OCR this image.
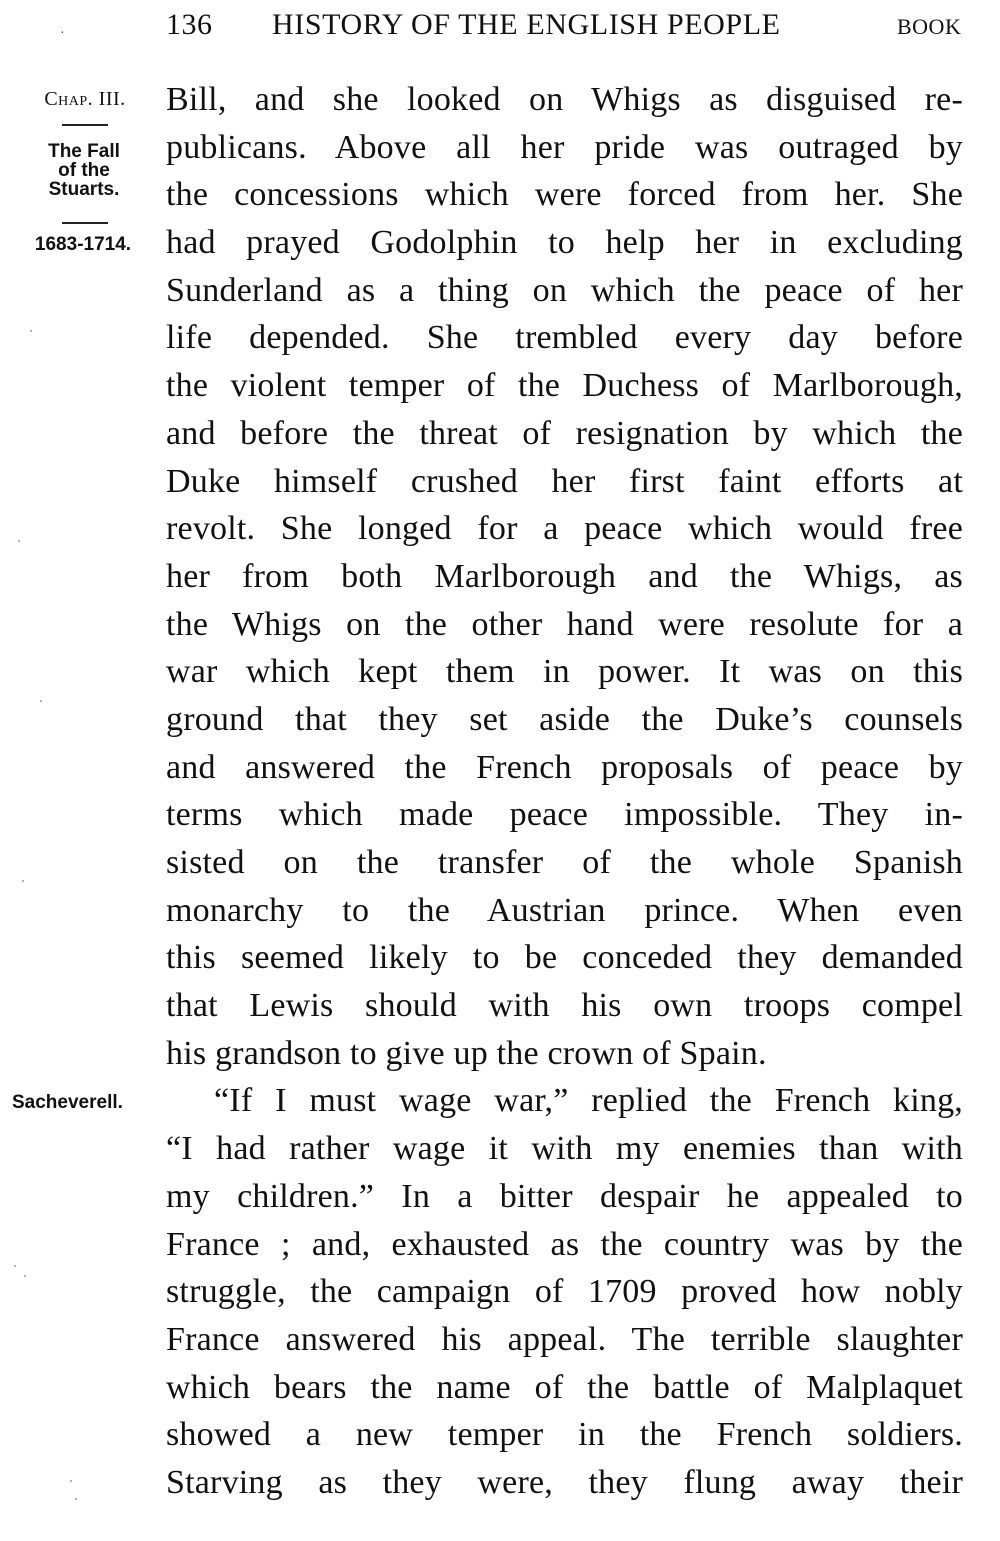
·	136 HISTORY OF THE ENGLISH PEOPLE	BOOK
Chap. III.
The Fall
of the
Stuarts.
1683-1714.
Sacheverell.
Bill, and she looked on Whigs as disguised re-
publicans. Above all her pride was outraged by
the concessions which were forced from her. She
had prayed Godolphin to help her in excluding
Sunderland as a thing on which the peace of her
life depended. She trembled every day before
the violent temper of the Duchess of Marlborough,
and before the threat of resignation by which the
Duke himself crushed her first faint efforts at
revolt. She longed for a peace which would free
her from both Marlborough and the Whigs, as
the Whigs on the other hand were resolute for a
war which kept them in power. It was on this
ground that they set aside the Duke’s counsels
and answered the French proposals of peace by
terms which made peace impossible. They in-
sisted on the transfer of the whole Spanish
monarchy to the Austrian prince. When even
this seemed likely to be conceded they demanded
that Lewis should with his own troops compel
his grandson to give up the crown of Spain.
“If I must wage war,” replied the French king,
“I had rather wage it with my enemies than with
my children.” In a bitter despair he appealed to
France ; and, exhausted as the country was by the
struggle, the campaign of 1709 proved how nobly
France answered his appeal. The terrible slaughter
which bears the name of the battle of Malplaquet
showed a new temper in the French soldiers.
Starving as they were, they flung away their
